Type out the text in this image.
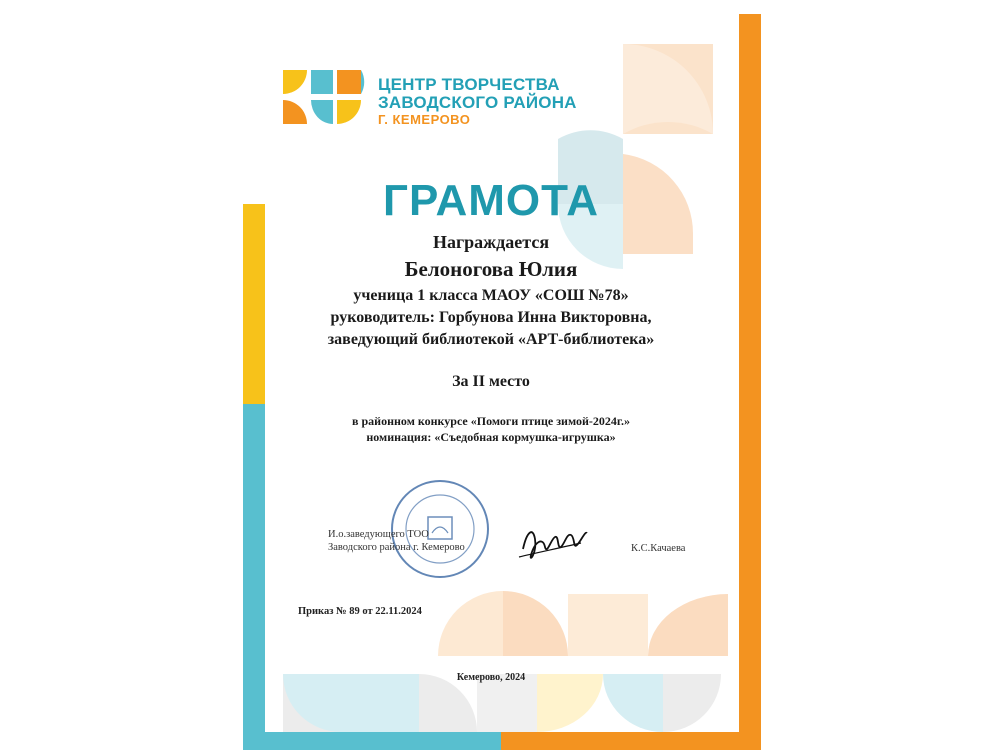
ЦЕНТР ТВОРЧЕСТВА
ЗАВОДСКОГО РАЙОНА
Г. КЕМЕРОВО
ГРАМОТА
Награждается
Белоногова Юлия
ученица 1 класса МАОУ «СОШ №78»
руководитель: Горбунова Инна Викторовна,
заведующий библиотекой «АРТ-библиотека»
За II место
в районном конкурсе «Помоги птице зимой-2024г.»
номинация: «Съедобная кормушка-игрушка»
И.о.заведующего ТОО
Заводского района г. Кемерово	К.С.Качаева
Приказ № 89 от 22.11.2024
Кемерово, 2024
